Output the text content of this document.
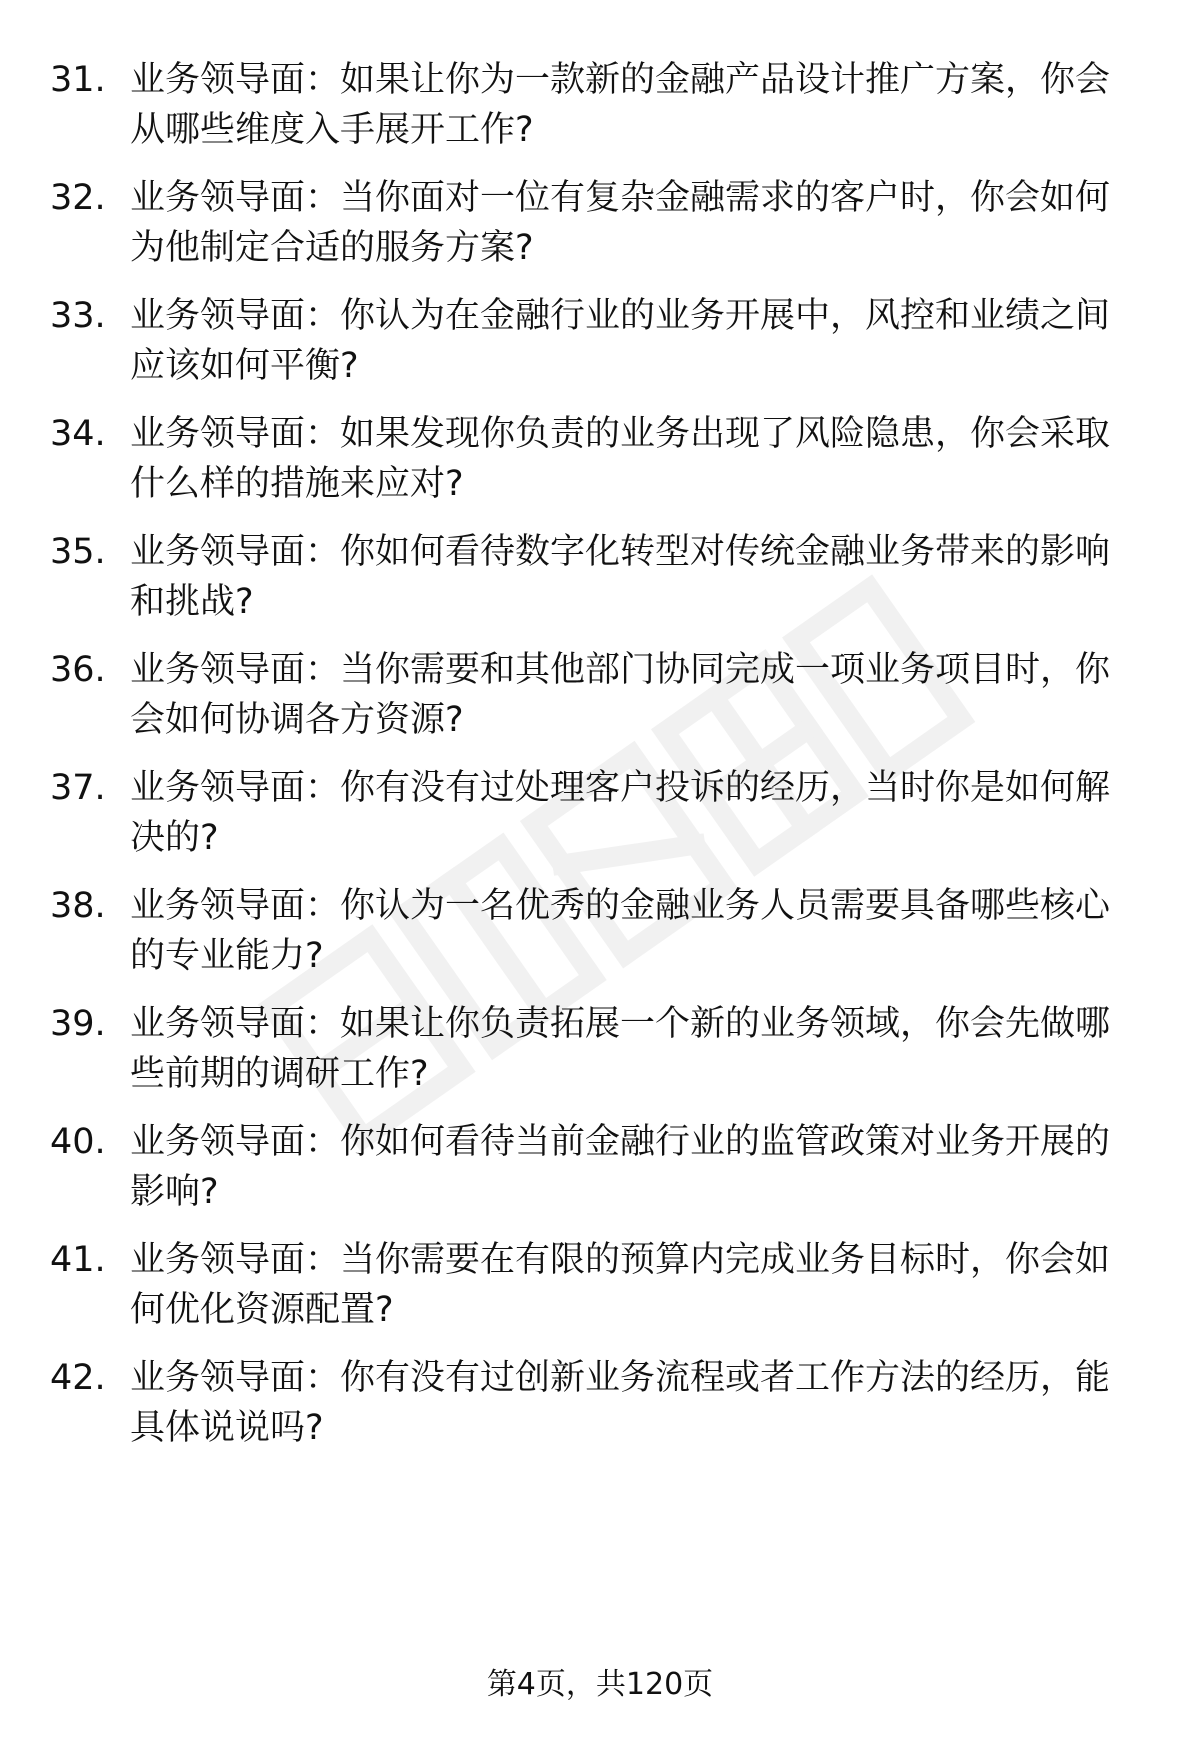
31. 业务领导面：如果让你为一款新的金融产品设计推广方案，你会
从哪些维度入手展开工作?
32. 业务领导面：当你面对一位有复杂金融需求的客户时，你会如何
为他制定合适的服务方案?
33. 业务领导面：你认为在金融行业的业务开展中，风控和业绩之间
应该如何平衡?
34. 业务领导面：如果发现你负责的业务出现了风险隐患，你会采取
什么样的措施来应对?
35. 业务领导面：你如何看待数字化转型对传统金融业务带来的影响
和挑战?
36. 业务领导面：当你需要和其他部门协同完成一项业务项目时，你
会如何协调各方资源?
37. 业务领导面：你有没有过处理客户投诉的经历，当时你是如何解
决的?
38. 业务领导面：你认为一名优秀的金融业务人员需要具备哪些核心
的专业能力?
39. 业务领导面：如果让你负责拓展一个新的业务领域，你会先做哪
些前期的调研工作?
40. 业务领导面：你如何看待当前金融行业的监管政策对业务开展的
影响?
41. 业务领导面：当你需要在有限的预算内完成业务目标时，你会如
何优化资源配置?
42. 业务领导面：你有没有过创新业务流程或者工作方法的经历，能
具体说说吗?
第4页，共120页
